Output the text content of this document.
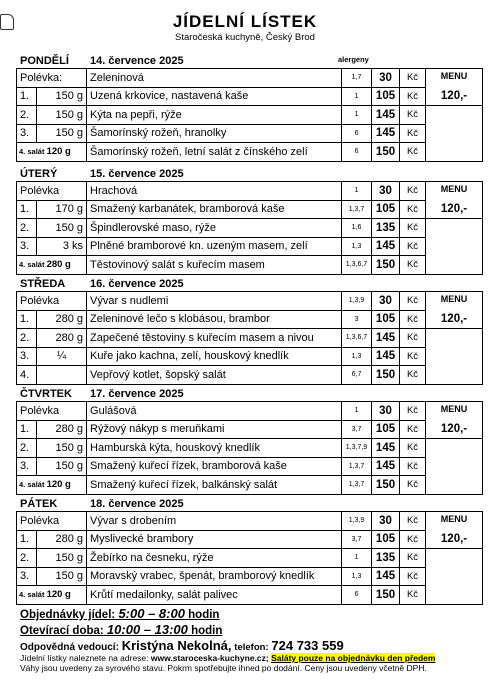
JÍDELNÍ LÍSTEK
Staročeská kuchyně, Český Brod
PONDĚLÍ 14. července 2025	alergeny
Polévka:		Zeleninová	1,7	30	Kč	MENU
1.	150 g	Uzená krkovice, nastavená kaše	1	105	Kč	120,-
2.	150 g	Kýta na pepři, rýže	1	145	Kč	
3.	150 g	Šamorínský rožeň, hranolky	6	145	Kč	
4. salát 120 g		Šamorínský rožeň, letní salát z čínského zelí	6	150	Kč	
ÚTERÝ	15. července 2025
Polévka		Hrachová	1	30	Kč	MENU
1.	170 g	Smažený karbanátek, bramborová kaše	1,3,7	105	Kč	120,-
2.	150 g	Špindlerovské maso, rýže	1,6	135	Kč	
3.	3 ks	Plněné bramborové kn. uzeným masem, zelí	1,3	145	Kč	
4. salát 280 g		Těstovinový salát s kuřecím masem	1,3,6,7	150	Kč	
STŘEDA 16. července 2025
Polévka		Vývar s nudlemi	1,3,9	30	Kč	MENU
1.	280 g	Zeleninové lečo s klobásou, brambor	3	105	Kč	120,-
2.	280 g	Zapečené těstoviny s kuřecím masem a nivou	1,3,6,7	145	Kč	
3.	¼	Kuře jako kachna, zelí, houskový knedlík	1,3	145	Kč	
4.		Vepřový kotlet, šopský salát	6,7	150	Kč	
ČTVRTEK 17. července 2025
Polévka		Gulášová	1	30	Kč	MENU
1.	280 g	Rýžový nákyp s meruňkami	3,7	105	Kč	120,-
2.	150 g	Hamburská kýta, houskový knedlík	1,3,7,9	145	Kč	
3.	150 g	Smažený kuřecí řízek, bramborová kaše	1,3,7	145	Kč	
4. salát 120 g		Smažený kuřecí řízek, balkánský salát	1,3,7	150	Kč	
PÁTEK	18. července 2025
Polévka		Vývar s drobením	1,3,9	30	Kč	MENU
1.	280 g	Myslivecké brambory	3,7	105	Kč	120,-
2.	150 g	Žebírko na česneku, rýže	1	135	Kč	
3.	150 g	Moravský vrabec, špenát, bramborový knedlík	1,3	145	Kč	
4. salát 120 g		Krůtí medailonky, salát palivec	6	150	Kč	
Objednávky jídel: 5:00 – 8:00 hodin
Otevírací doba: 10:00 – 13:00 hodin
Odpovědná vedoucí: Kristýna Nekolná, telefon: 724 733 559
Jídelní lístky naleznete na adrese: www.staroceska-kuchyne.cz; Saláty pouze na objednávku den předem
Váhy jsou uvedeny za syrového stavu. Pokrm spotřebujte ihned po dodání. Ceny jsou uvedeny včetně DPH.
